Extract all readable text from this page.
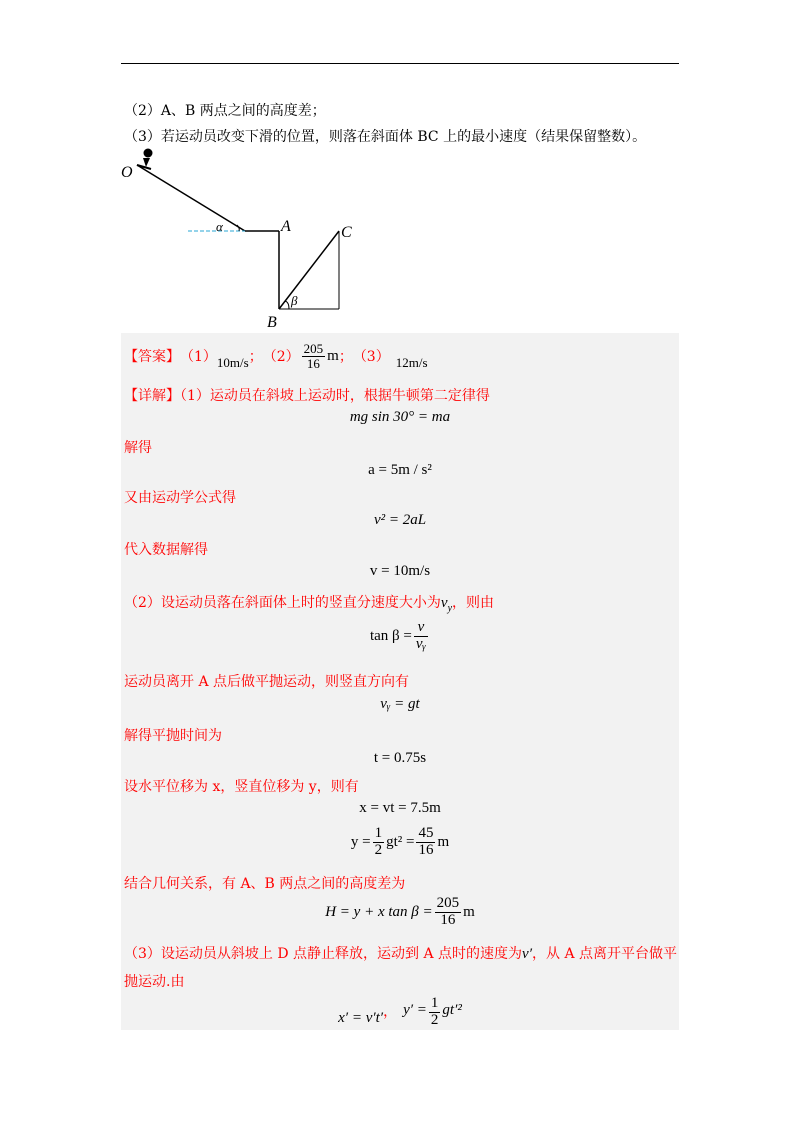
（2）A、B 两点之间的高度差；
（3）若运动员改变下滑的位置，则落在斜面体 BC 上的最小速度（结果保留整数）。
O
α	A	C
β
B
【答案】 （1） 10m/s ； $(2) \frac{205}{16}$ m ； （3） 12m/s
【详解】（1）运动员在斜坡上运动时，根据牛顿第二定律得
mg sin 30° = ma
解得
a = 5m / s²
又由运动学公式得
v² = 2aL
代入数据解得
v = 10m/s
（2）设运动员落在斜面体上时的竖直分速度大小为$v_y$，则由
$\tan \beta = \frac{v}{\text{vᵧ}}$
运动员离开 A 点后做平抛运动，则竖直方向有
vᵧ = gt
解得平抛时间为
t = 0.75s
设水平位移为 x，竖直位移为 y，则有
x = vt = 7.5m
$y = \frac{1}{2} gt^2 = \frac{45}{16}$ m
结合几何关系，有 A、B 两点之间的高度差为
H = y + x $\tan \beta = \frac{205}{16}$ m
（3）设运动员从斜坡上 D 点静止释放，运动到 A 点时的速度为v′，从 A 点离开平台做平
抛运动.由
x′ = v′t′ ， $y' = \frac{1}{2} gt'^2$
